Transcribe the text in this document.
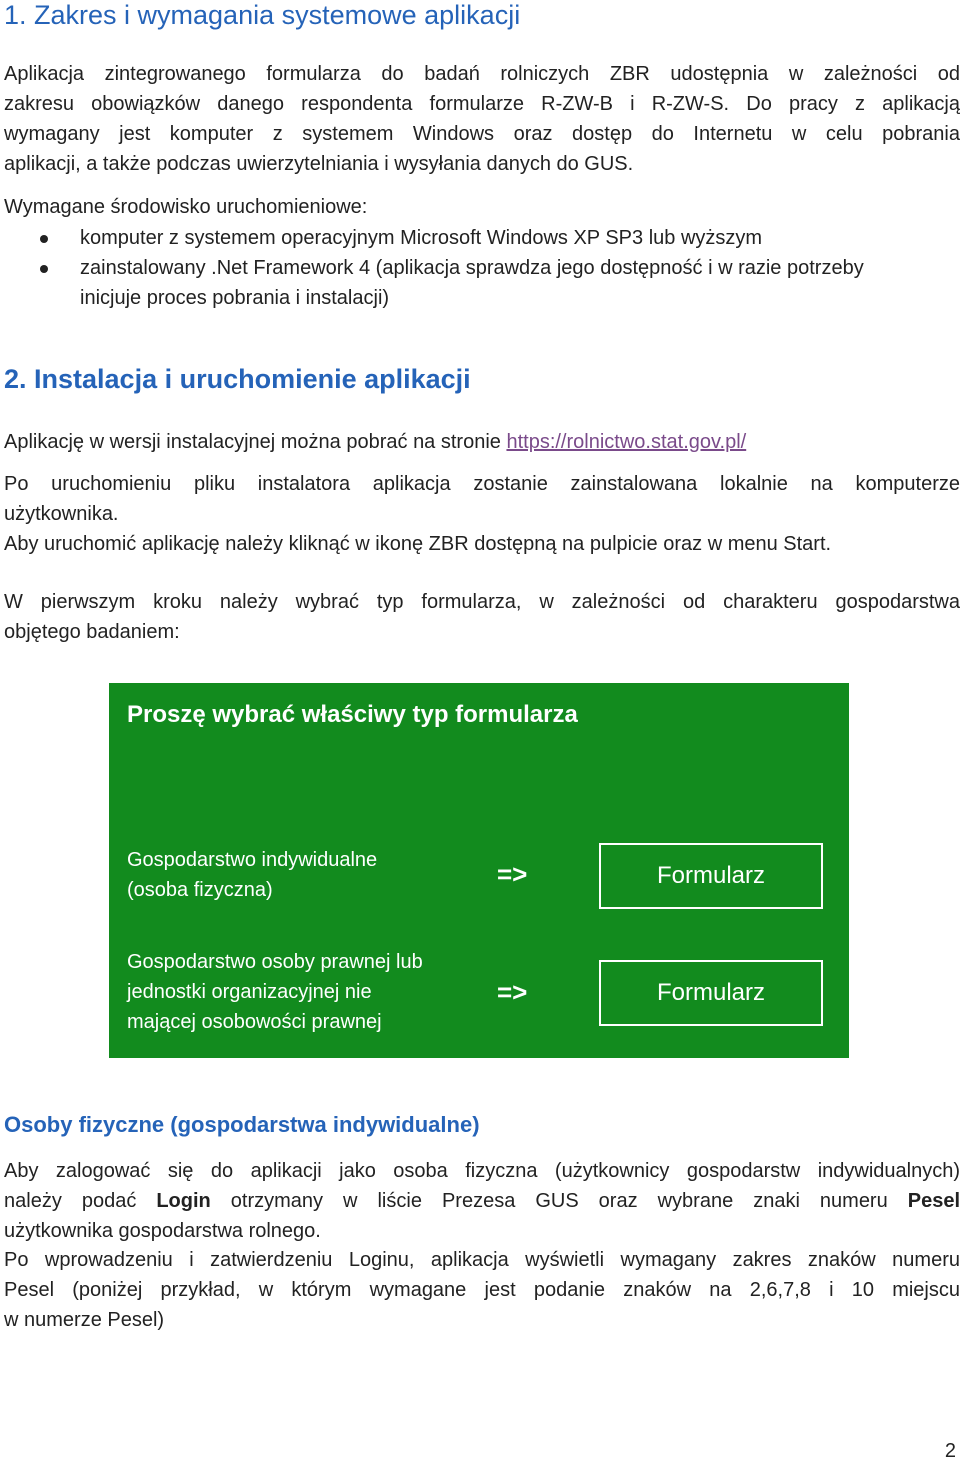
1. Zakres i wymagania systemowe aplikacji
Aplikacja zintegrowanego formularza do badań rolniczych ZBR udostępnia w zależności od
zakresu obowiązków danego respondenta formularze R-ZW-B i R-ZW-S. Do pracy z aplikacją
wymagany jest komputer z systemem Windows oraz dostęp do Internetu w celu pobrania
aplikacji, a także podczas uwierzytelniania i wysyłania danych do GUS.
Wymagane środowisko uruchomieniowe:
komputer z systemem operacyjnym Microsoft Windows XP SP3 lub wyższym
zainstalowany .Net Framework 4 (aplikacja sprawdza jego dostępność i w razie potrzeby
inicjuje proces pobrania i instalacji)
2. Instalacja i uruchomienie aplikacji
Aplikację w wersji instalacyjnej można pobrać na stronie https://rolnictwo.stat.gov.pl/
Po uruchomieniu pliku instalatora aplikacja zostanie zainstalowana lokalnie na komputerze
użytkownika.
Aby uruchomić aplikację należy kliknąć w ikonę ZBR dostępną na pulpicie oraz w menu Start.
W pierwszym kroku należy wybrać typ formularza, w zależności od charakteru gospodarstwa
objętego badaniem:
Proszę wybrać właściwy typ formularza
Gospodarstwo indywidualne
(osoba fizyczna)
=>	Formularz
Gospodarstwo osoby prawnej lub
jednostki organizacyjnej nie
mającej osobowości prawnej
=>	Formularz
Osoby fizyczne (gospodarstwa indywidualne)
Aby zalogować się do aplikacji jako osoba fizyczna (użytkownicy gospodarstw indywidualnych)
należy podać Login otrzymany w liście Prezesa GUS oraz wybrane znaki numeru Pesel
użytkownika gospodarstwa rolnego.
Po wprowadzeniu i zatwierdzeniu Loginu, aplikacja wyświetli wymagany zakres znaków numeru
Pesel (poniżej przykład, w którym wymagane jest podanie znaków na 2,6,7,8 i 10 miejscu
w numerze Pesel)
2
